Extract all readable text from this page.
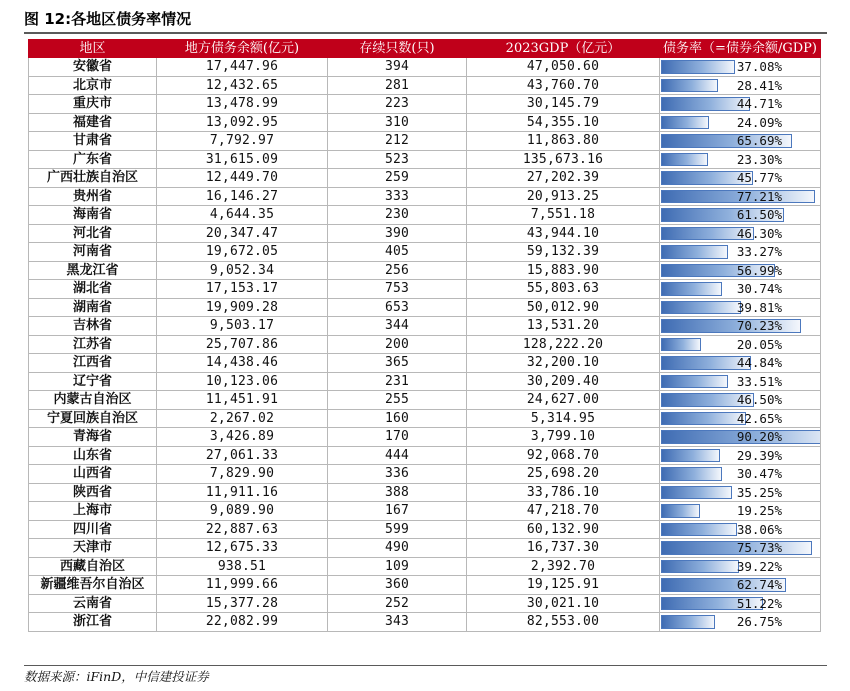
图 12:各地区债务率情况
地区	地方债务余额(亿元)	存续只数(只)	2023GDP（亿元）	债务率（=债券余额/GDP)
安徽省	17,447.96	394	47,050.60	37.08%

北京市	12,432.65	281	43,760.70	28.41%

重庆市	13,478.99	223	30,145.79	44.71%

福建省	13,092.95	310	54,355.10	24.09%

甘肃省	7,792.97	212	11,863.80	65.69%

广东省	31,615.09	523	135,673.16	23.30%

广西壮族自治区	12,449.70	259	27,202.39	45.77%

贵州省	16,146.27	333	20,913.25	77.21%

海南省	4,644.35	230	7,551.18	61.50%

河北省	20,347.47	390	43,944.10	46.30%

河南省	19,672.05	405	59,132.39	33.27%

黑龙江省	9,052.34	256	15,883.90	56.99%

湖北省	17,153.17	753	55,803.63	30.74%

湖南省	19,909.28	653	50,012.90	39.81%

吉林省	9,503.17	344	13,531.20	70.23%

江苏省	25,707.86	200	128,222.20	20.05%

江西省	14,438.46	365	32,200.10	44.84%

辽宁省	10,123.06	231	30,209.40	33.51%

内蒙古自治区	11,451.91	255	24,627.00	46.50%

宁夏回族自治区	2,267.02	160	5,314.95	42.65%

青海省	3,426.89	170	3,799.10	90.20%

山东省	27,061.33	444	92,068.70	29.39%

山西省	7,829.90	336	25,698.20	30.47%

陕西省	11,911.16	388	33,786.10	35.25%

上海市	9,089.90	167	47,218.70	19.25%

四川省	22,887.63	599	60,132.90	38.06%

天津市	12,675.33	490	16,737.30	75.73%

西藏自治区	938.51	109	2,392.70	39.22%

新疆维吾尔自治区	11,999.66	360	19,125.91	62.74%

云南省	15,377.28	252	30,021.10	51.22%

浙江省	22,082.99	343	82,553.00	26.75%
数据来源：iFinD，中信建投证券
